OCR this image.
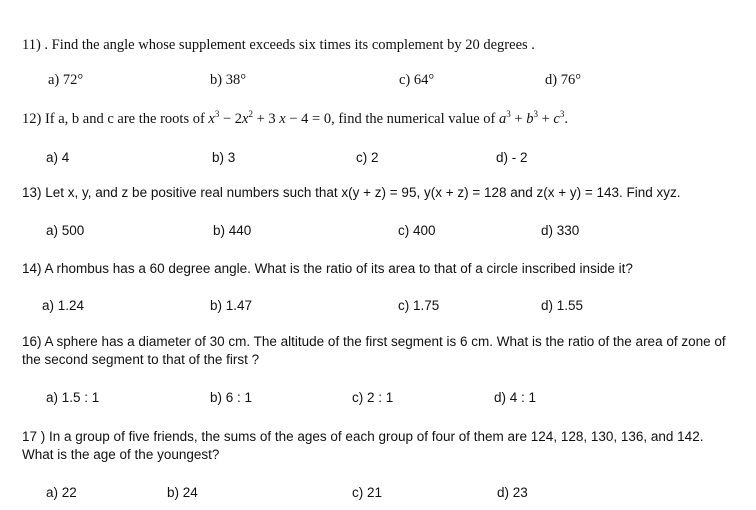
11) . Find the angle whose supplement exceeds six times its complement by 20 degrees .
a) 72°	b) 38°	c) 64°	d) 76°
12) If a, b and c are the roots of $x^3 - 2x^2 + 3$ x − 4 = 0, find the numerical value of $a^3 + b^3 + c^3$.
a) 4	b) 3	c) 2	d) - 2
13) Let x, y, and z be positive real numbers such that x(y + z) = 95, y(x + z) = 128 and z(x + y) = 143. Find xyz.
a) 500	b) 440	c) 400	d) 330
14) A rhombus has a 60 degree angle. What is the ratio of its area to that of a circle inscribed inside it?
a) 1.24	b) 1.47	c) 1.75	d) 1.55
16) A sphere has a diameter of 30 cm. The altitude of the first segment is 6 cm. What is the ratio of the area of zone of the second segment to that of the first ?
a) 1.5 : 1	b) 6 : 1	c) 2 : 1	d) 4 : 1
17 ) In a group of five friends, the sums of the ages of each group of four of them are 124, 128, 130, 136, and 142. What is the age of the youngest?
a) 22	b) 24	c) 21	d) 23
